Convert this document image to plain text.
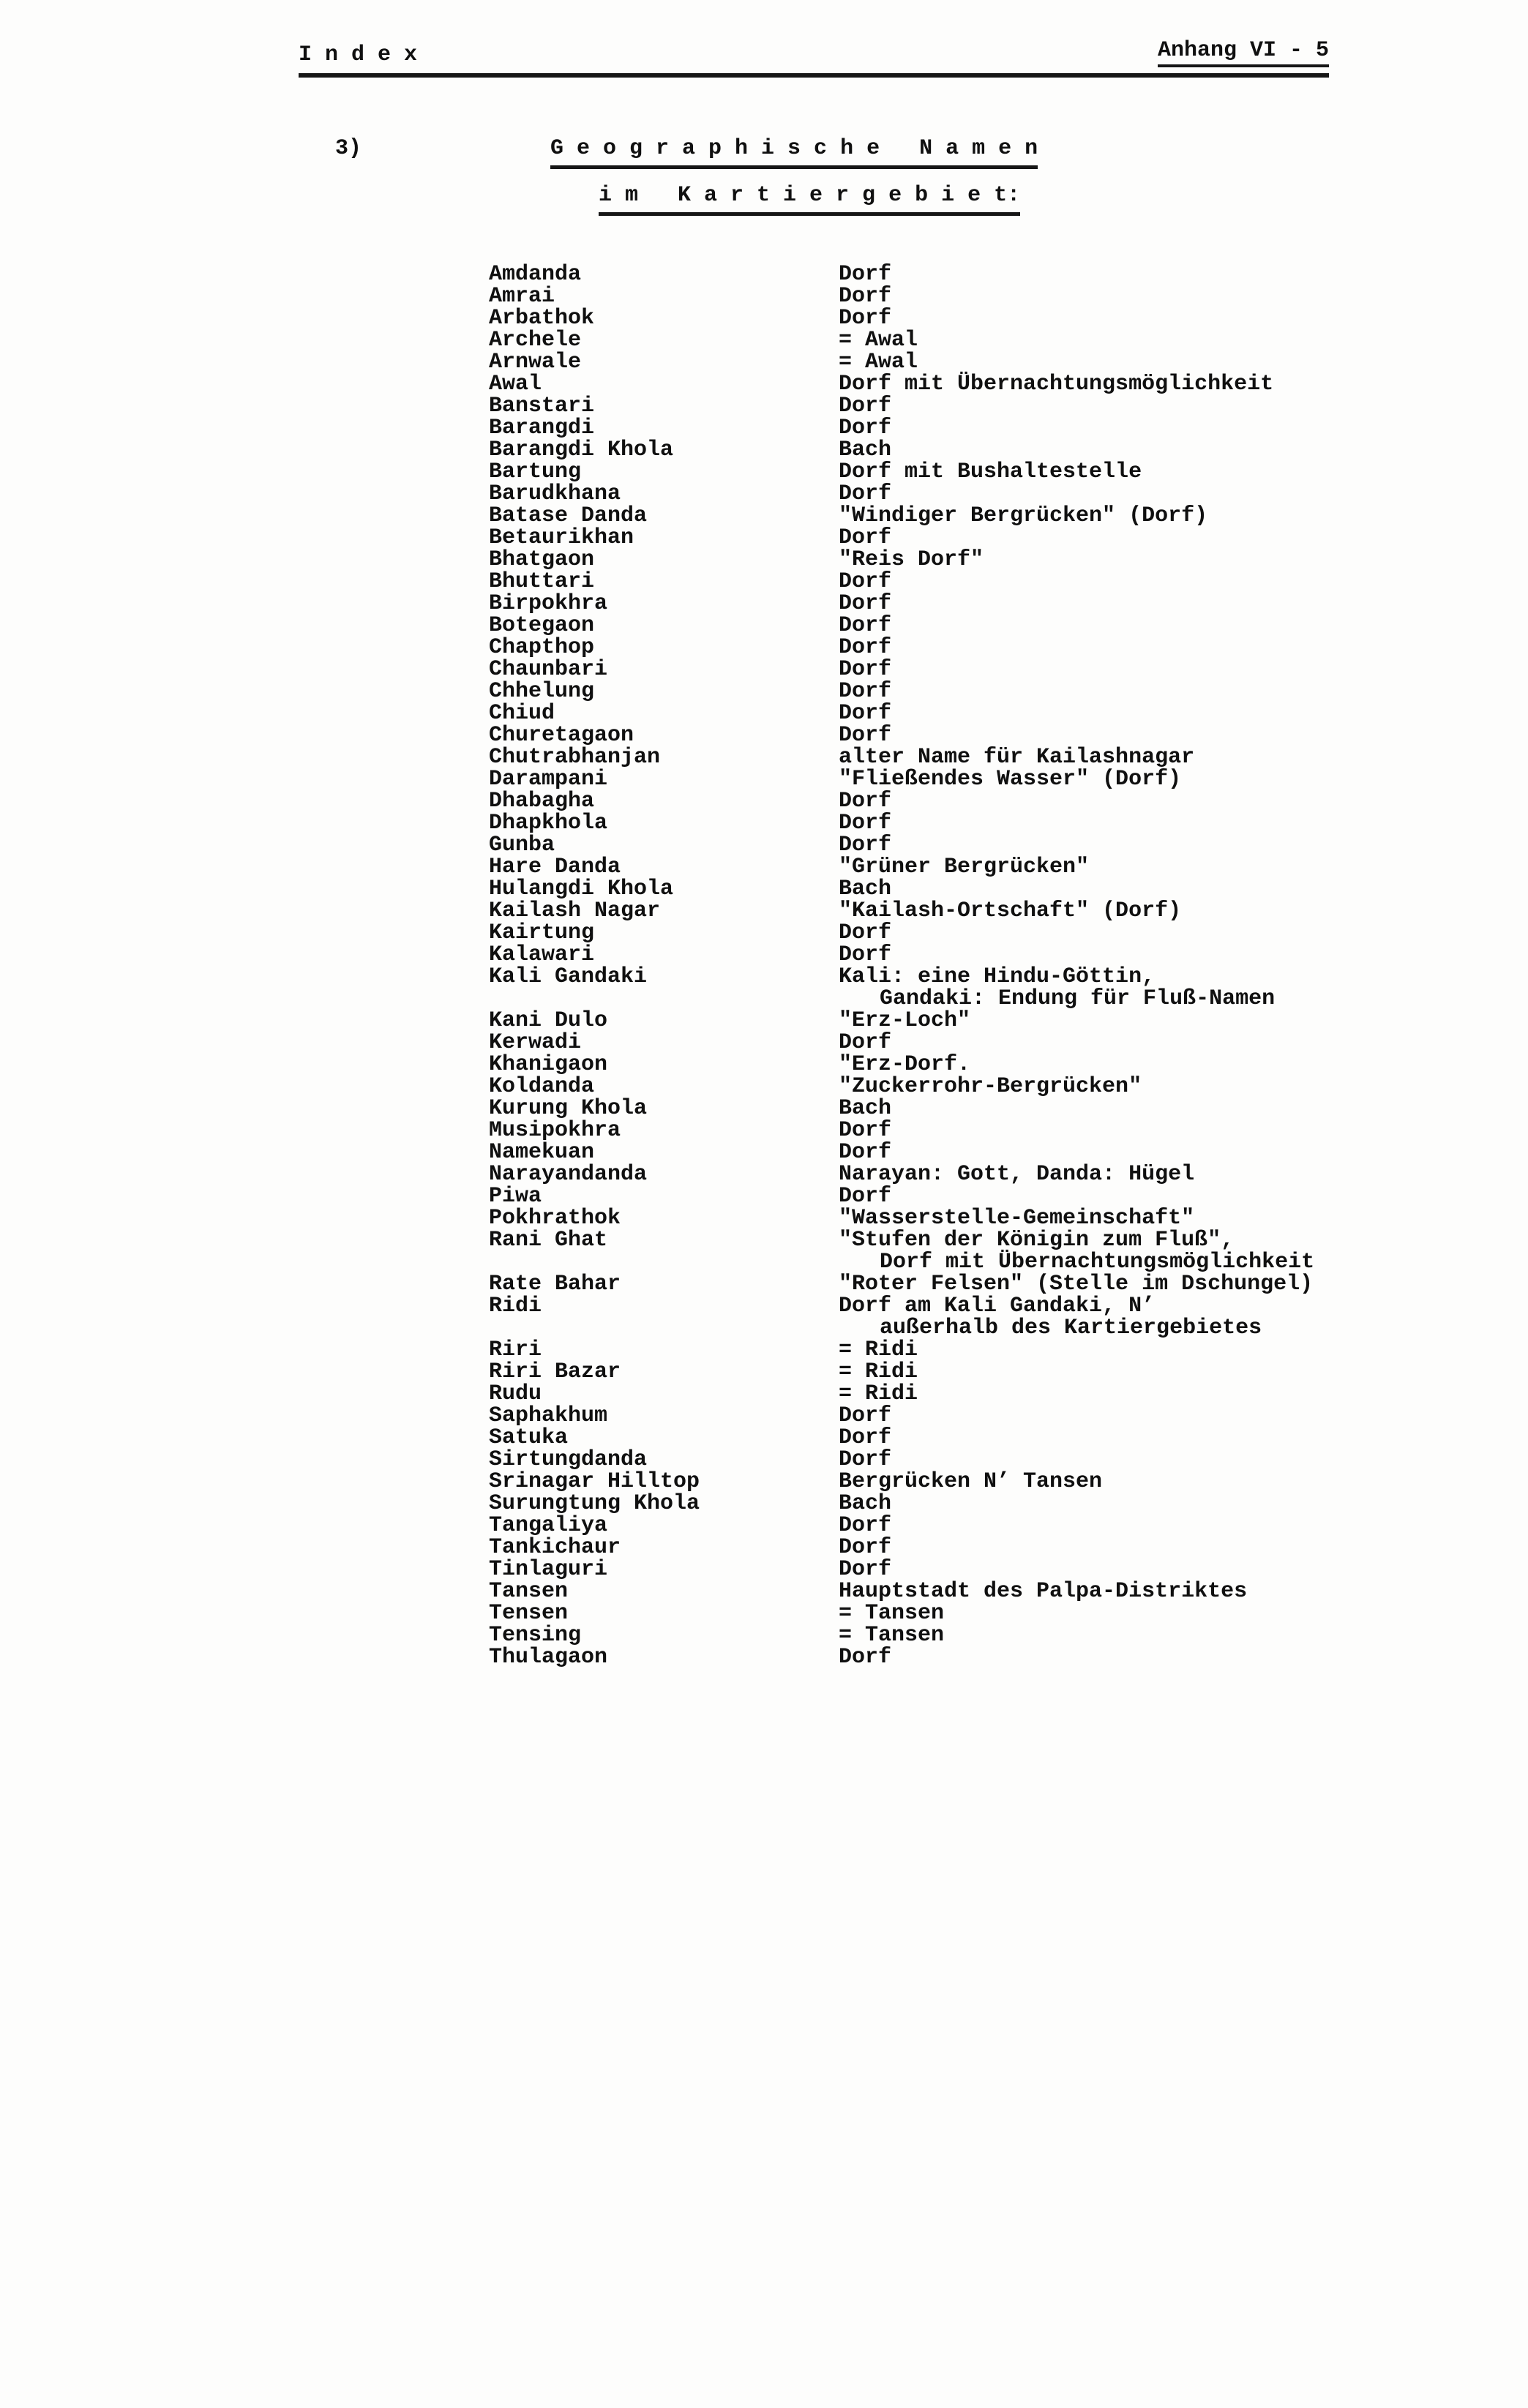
I n d e x	Anhang VI - 5
3)	G e o g r a p h i s c h e   N a m e n
i m   K a r t i e r g e b i e t:
Amdanda	Dorf
Amrai	Dorf
Arbathok	Dorf
Archele	= Awal
Arnwale	= Awal
Awal	Dorf mit Übernachtungsmöglichkeit
Banstari	Dorf
Barangdi	Dorf
Barangdi Khola	Bach
Bartung	Dorf mit Bushaltestelle
Barudkhana	Dorf
Batase Danda	"Windiger Bergrücken" (Dorf)
Betaurikhan	Dorf
Bhatgaon	"Reis Dorf"
Bhuttari	Dorf
Birpokhra	Dorf
Botegaon	Dorf
Chapthop	Dorf
Chaunbari	Dorf
Chhelung	Dorf
Chiud	Dorf
Churetagaon	Dorf
Chutrabhanjan	alter Name für Kailashnagar
Darampani	"Fließendes Wasser" (Dorf)
Dhabagha	Dorf
Dhapkhola	Dorf
Gunba	Dorf
Hare Danda	"Grüner Bergrücken"
Hulangdi Khola	Bach
Kailash Nagar	"Kailash-Ortschaft" (Dorf)
Kairtung	Dorf
Kalawari	Dorf
Kali Gandaki	Kali: eine Hindu-Göttin,
Gandaki: Endung für Fluß-Namen
Kani Dulo	"Erz-Loch"
Kerwadi	Dorf
Khanigaon	"Erz-Dorf.
Koldanda	"Zuckerrohr-Bergrücken"
Kurung Khola	Bach
Musipokhra	Dorf
Namekuan	Dorf
Narayandanda	Narayan: Gott, Danda: Hügel
Piwa	Dorf
Pokhrathok	"Wasserstelle-Gemeinschaft"
Rani Ghat	"Stufen der Königin zum Fluß",
Dorf mit Übernachtungsmöglichkeit
Rate Bahar	"Roter Felsen" (Stelle im Dschungel)
Ridi	Dorf am Kali Gandaki, N’
außerhalb des Kartiergebietes
Riri	= Ridi
Riri Bazar	= Ridi
Rudu	= Ridi
Saphakhum	Dorf
Satuka	Dorf
Sirtungdanda	Dorf
Srinagar Hilltop	Bergrücken N’ Tansen
Surungtung Khola	Bach
Tangaliya	Dorf
Tankichaur	Dorf
Tinlaguri	Dorf
Tansen	Hauptstadt des Palpa-Distriktes
Tensen	= Tansen
Tensing	= Tansen
Thulagaon	Dorf
